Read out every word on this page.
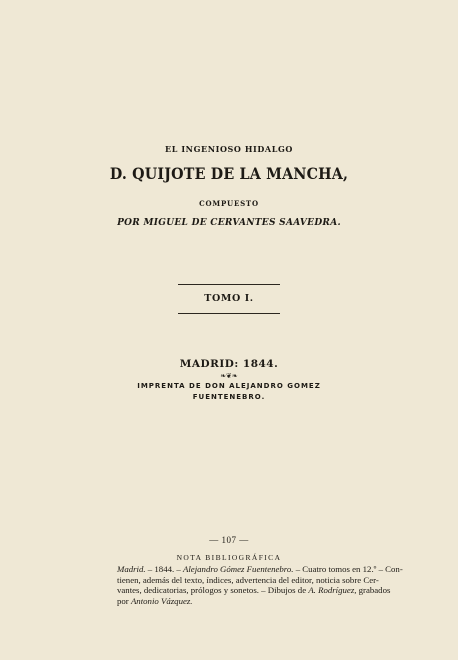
EL INGENIOSO HIDALGO
D. QUIJOTE DE LA MANCHA,
COMPUESTO
POR MIGUEL DE CERVANTES SAAVEDRA.
TOMO I.
MADRID: 1844.
❧❦❧
IMPRENTA DE DON ALEJANDRO GOMEZ
FUENTENEBRO.
— 107 —
NOTA BIBLIOGRÁFICA
Madrid. – 1844. – Alejandro Gómez Fuentenebro. – Cuatro tomos en 12.º – Con-
tienen, además del texto, índices, advertencia del editor, noticia sobre Cer-
vantes, dedicatorias, prólogos y sonetos. – Dibujos de A. Rodríguez, grabados
por Antonio Vázquez.
